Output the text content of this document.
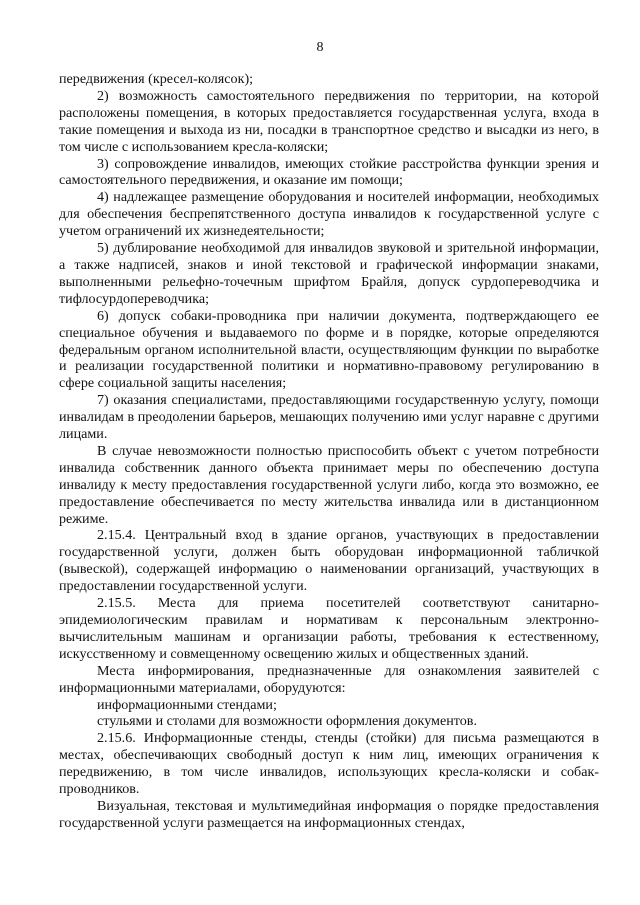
8

передвижения (кресел-колясок);

2) возможность самостоятельного передвижения по территории, на которой расположены помещения, в которых предоставляется государственная услуга, входа в такие помещения и выхода из ни, посадки в транспортное средство и высадки из него, в том числе с использованием кресла-коляски;

3) сопровождение инвалидов, имеющих стойкие расстройства функции зрения и самостоятельного передвижения, и оказание им помощи;

4) надлежащее размещение оборудования и носителей информации, необходимых для обеспечения беспрепятственного доступа инвалидов к государственной услуге с учетом ограничений их жизнедеятельности;

5) дублирование необходимой для инвалидов звуковой и зрительной информации, а также надписей, знаков и иной текстовой и графической информации знаками, выполненными рельефно-точечным шрифтом Брайля, допуск сурдопереводчика и тифлосурдопереводчика;

6) допуск собаки-проводника при наличии документа, подтверждающего ее специальное обучения и выдаваемого по форме и в порядке, которые определяются федеральным органом исполнительной власти, осуществляющим функции по выработке и реализации государственной политики и нормативно-правовому регулированию в сфере социальной защиты населения;

7) оказания специалистами, предоставляющими государственную услугу, помощи инвалидам в преодолении барьеров, мешающих получению ими услуг наравне с другими лицами.

В случае невозможности полностью приспособить объект с учетом потребности инвалида собственник данного объекта принимает меры по обеспечению доступа инвалиду к месту предоставления государственной услуги либо, когда это возможно, ее предоставление обеспечивается по месту жительства инвалида или в дистанционном режиме.

2.15.4. Центральный вход в здание органов, участвующих в предоставлении государственной услуги, должен быть оборудован информационной табличкой (вывеской), содержащей информацию о наименовании организаций, участвующих в предоставлении государственной услуги.

2.15.5. Места для приема посетителей соответствуют санитарно-эпидемиологическим правилам и нормативам к персональным электронно-вычислительным машинам и организации работы, требования к естественному, искусственному и совмещенному освещению жилых и общественных зданий.

Места информирования, предназначенные для ознакомления заявителей с информационными материалами, оборудуются:

информационными стендами;

стульями и столами для возможности оформления документов.

2.15.6. Информационные стенды, стенды (стойки) для письма размещаются в местах, обеспечивающих свободный доступ к ним лиц, имеющих ограничения к передвижению, в том числе инвалидов, использующих кресла-коляски и собак-проводников.

Визуальная, текстовая и мультимедийная информация о порядке предоставления государственной услуги размещается на информационных стендах,
